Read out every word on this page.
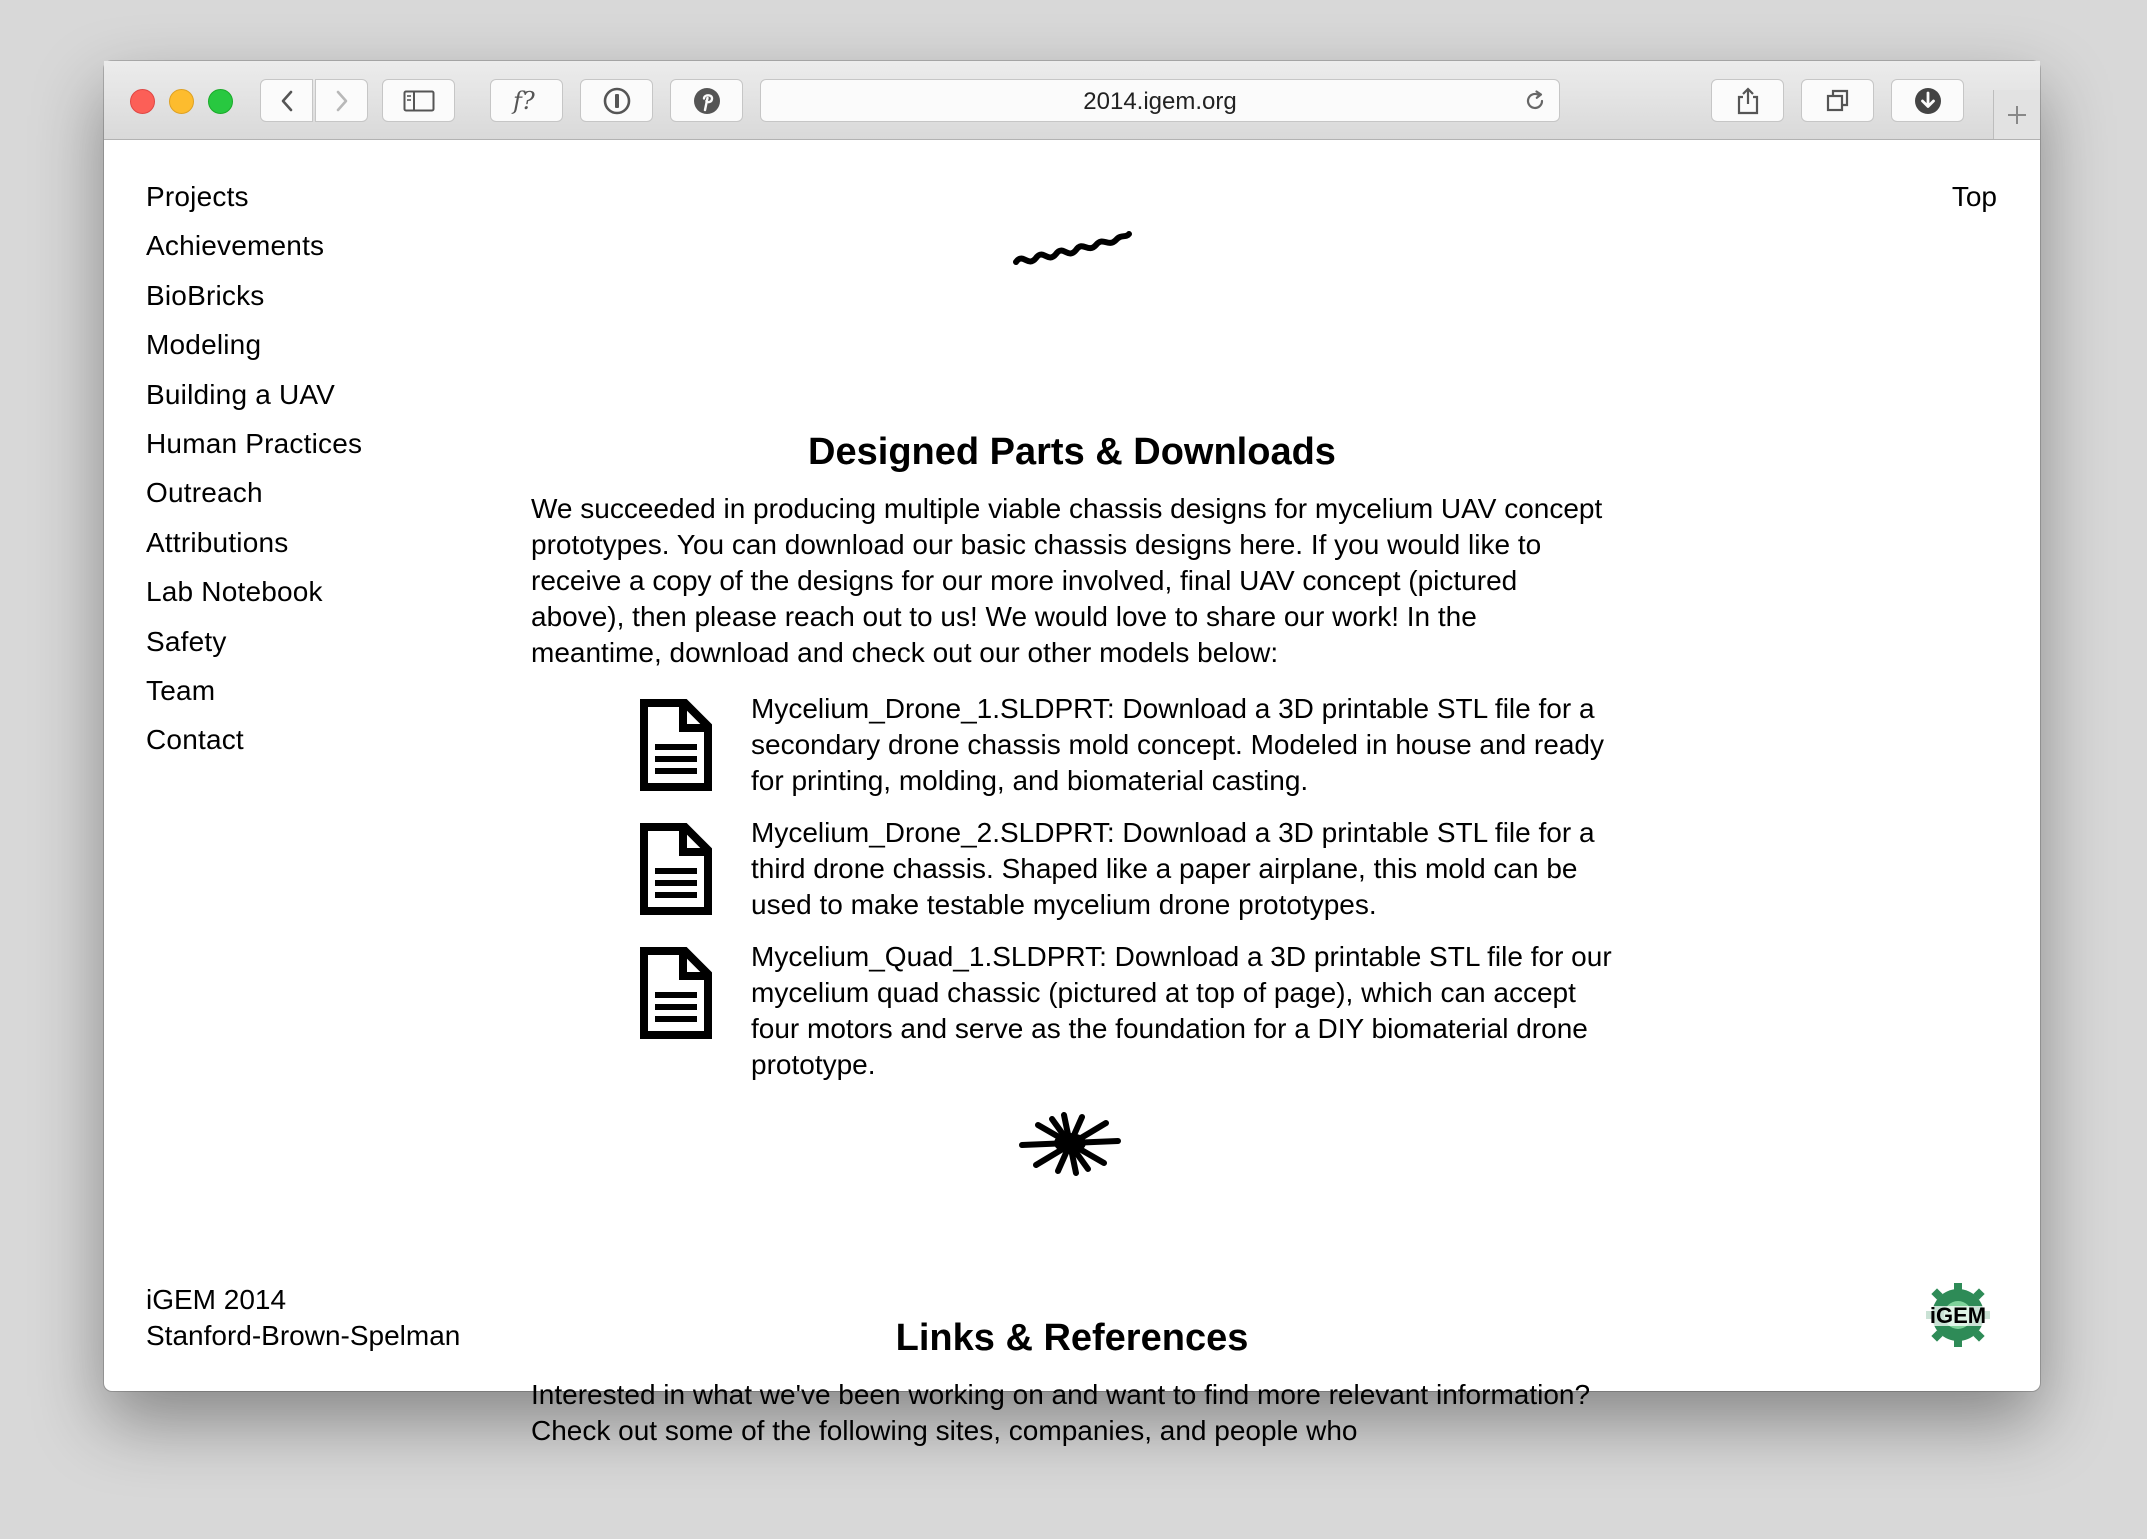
f?	2014.igem.org
Projects
Achievements
BioBricks
Modeling
Building a UAV
Human Practices
Outreach
Attributions
Lab Notebook
Safety
Team
Contact
Top
Designed Parts & Downloads

We succeeded in producing multiple viable chassis designs for mycelium UAV concept prototypes. You can download our basic chassis designs here. If you would like to receive a copy of the designs for our more involved, final UAV concept (pictured above), then please reach out to us! We would love to share our work! In the meantime, download and check out our other models below:

Mycelium_Drone_1.SLDPRT: Download a 3D printable STL file for a secondary drone chassis mold concept. Modeled in house and ready for printing, molding, and biomaterial casting.

Mycelium_Drone_2.SLDPRT: Download a 3D printable STL file for a third drone chassis. Shaped like a paper airplane, this mold can be used to make testable mycelium drone prototypes.

Mycelium_Quad_1.SLDPRT: Download a 3D printable STL file for our mycelium quad chassic (pictured at top of page), which can accept four motors and serve as the foundation for a DIY biomaterial drone prototype.

Links & References

Interested in what we've been working on and want to find more relevant information? Check out some of the following sites, companies, and people who

iGEM 2014
Stanford-Brown-Spelman
iGEM
